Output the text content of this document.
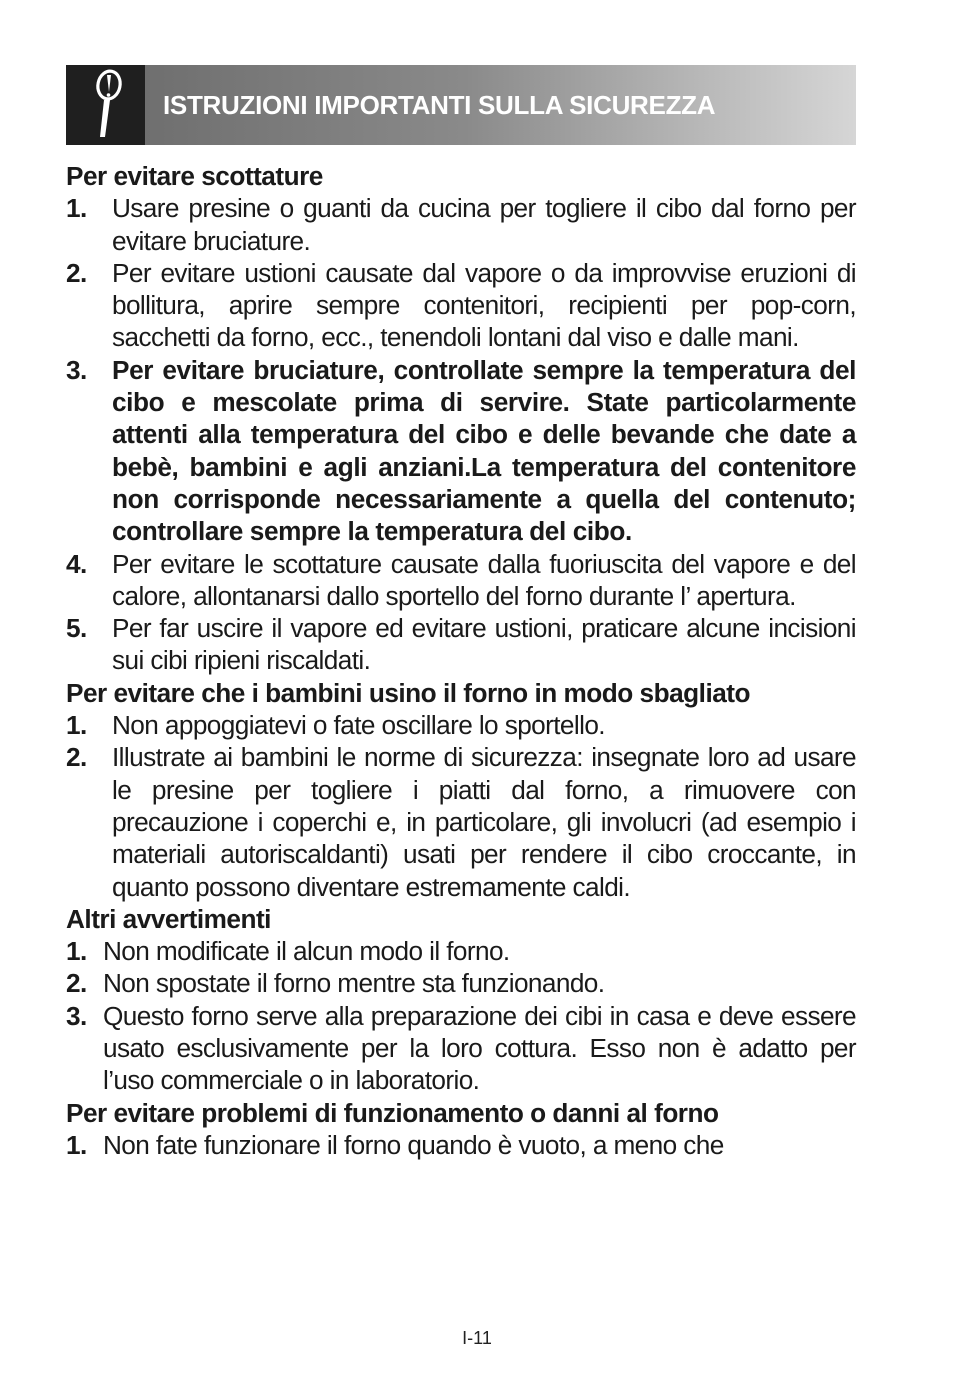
ISTRUZIONI IMPORTANTI SULLA SICUREZZA

Per evitare scottature

1. Usare presine o guanti da cucina per togliere il cibo dal forno per evitare bruciature.
2. Per evitare ustioni causate dal vapore o da improvvise eruzioni di bollitura, aprire sempre contenitori, recipienti per pop-corn, sacchetti da forno, ecc., tenendoli lontani dal viso e dalle mani.
3. Per evitare bruciature, controllate sempre la temperatura del cibo e mescolate prima di servire. State particolarmente attenti alla temperatura del cibo e delle bevande che date a bebè, bambini e agli anziani.La temperatura del contenitore non corrisponde necessariamente a quella del contenuto; controllare sempre la temperatura del cibo.
4. Per evitare le scottature causate dalla fuoriuscita del vapore e del calore, allontanarsi dallo sportello del forno durante l’ apertura.
5. Per far uscire il vapore ed evitare ustioni, praticare alcune incisioni sui cibi ripieni riscaldati.

Per evitare che i bambini usino il forno in modo sbagliato

1. Non appoggiatevi o fate oscillare lo sportello.
2. Illustrate ai bambini le norme di sicurezza: insegnate loro ad usare le presine per togliere i piatti dal forno, a rimuovere con precauzione i coperchi e, in particolare, gli involucri (ad esempio i materiali autoriscaldanti) usati per rendere il cibo croccante, in quanto possono diventare estremamente caldi.

Altri avvertimenti

1. Non modificate il alcun modo il forno.
2. Non spostate il forno mentre sta funzionando.
3. Questo forno serve alla preparazione dei cibi in casa e deve essere usato esclusivamente per la loro cottura. Esso non è adatto per l’uso commerciale o in laboratorio.

Per evitare problemi di funzionamento o danni al forno

1. Non fate funzionare il forno quando è vuoto, a meno che
I-11
